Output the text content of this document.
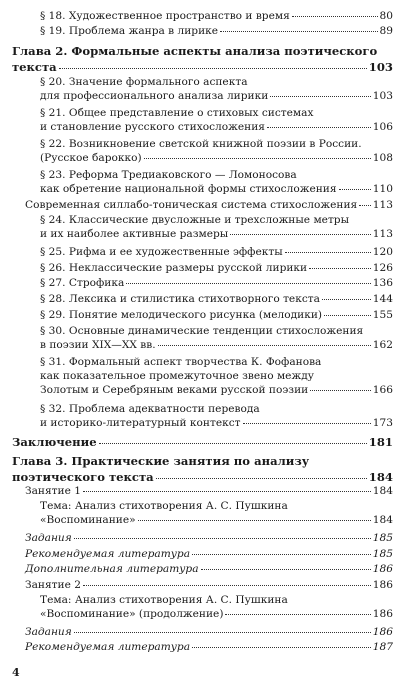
§ 18. Художественное пространство и время	80
§ 19. Проблема жанра в лирике	89
Глава 2. Формальные аспекты анализа поэтического
текста	103
§ 20. Значение формального аспекта
для профессионального анализа лирики	103
§ 21. Общее представление о стиховых системах
и становление русского стихосложения	106
§ 22. Возникновение светской книжной поэзии в России.
(Русское барокко)	108
§ 23. Реформа Тредиаковского — Ломоносова
как обретение национальной формы стихосложения	110
Современная силлабо-тоническая система стихосложения 113
§ 24. Классические двусложные и трехсложные метры
и их наиболее активные размеры	113
§ 25. Рифма и ее художественные эффекты	120
§ 26. Неклассические размеры русской лирики	126
§ 27. Строфика	136
§ 28. Лексика и стилистика стихотворного текста	144
§ 29. Понятие мелодического рисунка (мелодики)	155
§ 30. Основные динамические тенденции стихосложения
в поэзии XIX—XX вв.	162
§ 31. Формальный аспект творчества К. Фофанова
как показательное промежуточное звено между
Золотым и Серебряным веками русской поэзии	166
§ 32. Проблема адекватности перевода
и историко-литературный контекст	173
Заключение	181
Глава 3. Практические занятия по анализу
поэтического текста	184
Занятие 1	184
Тема: Анализ стихотворения А. С. Пушкина
«Воспоминание»	184
Задания	185
Рекомендуемая литература	185
Дополнительная литература	186
Занятие 2	186
Тема: Анализ стихотворения А. С. Пушкина
«Воспоминание» (продолжение)	186
Задания	186
Рекомендуемая литература	187
4
